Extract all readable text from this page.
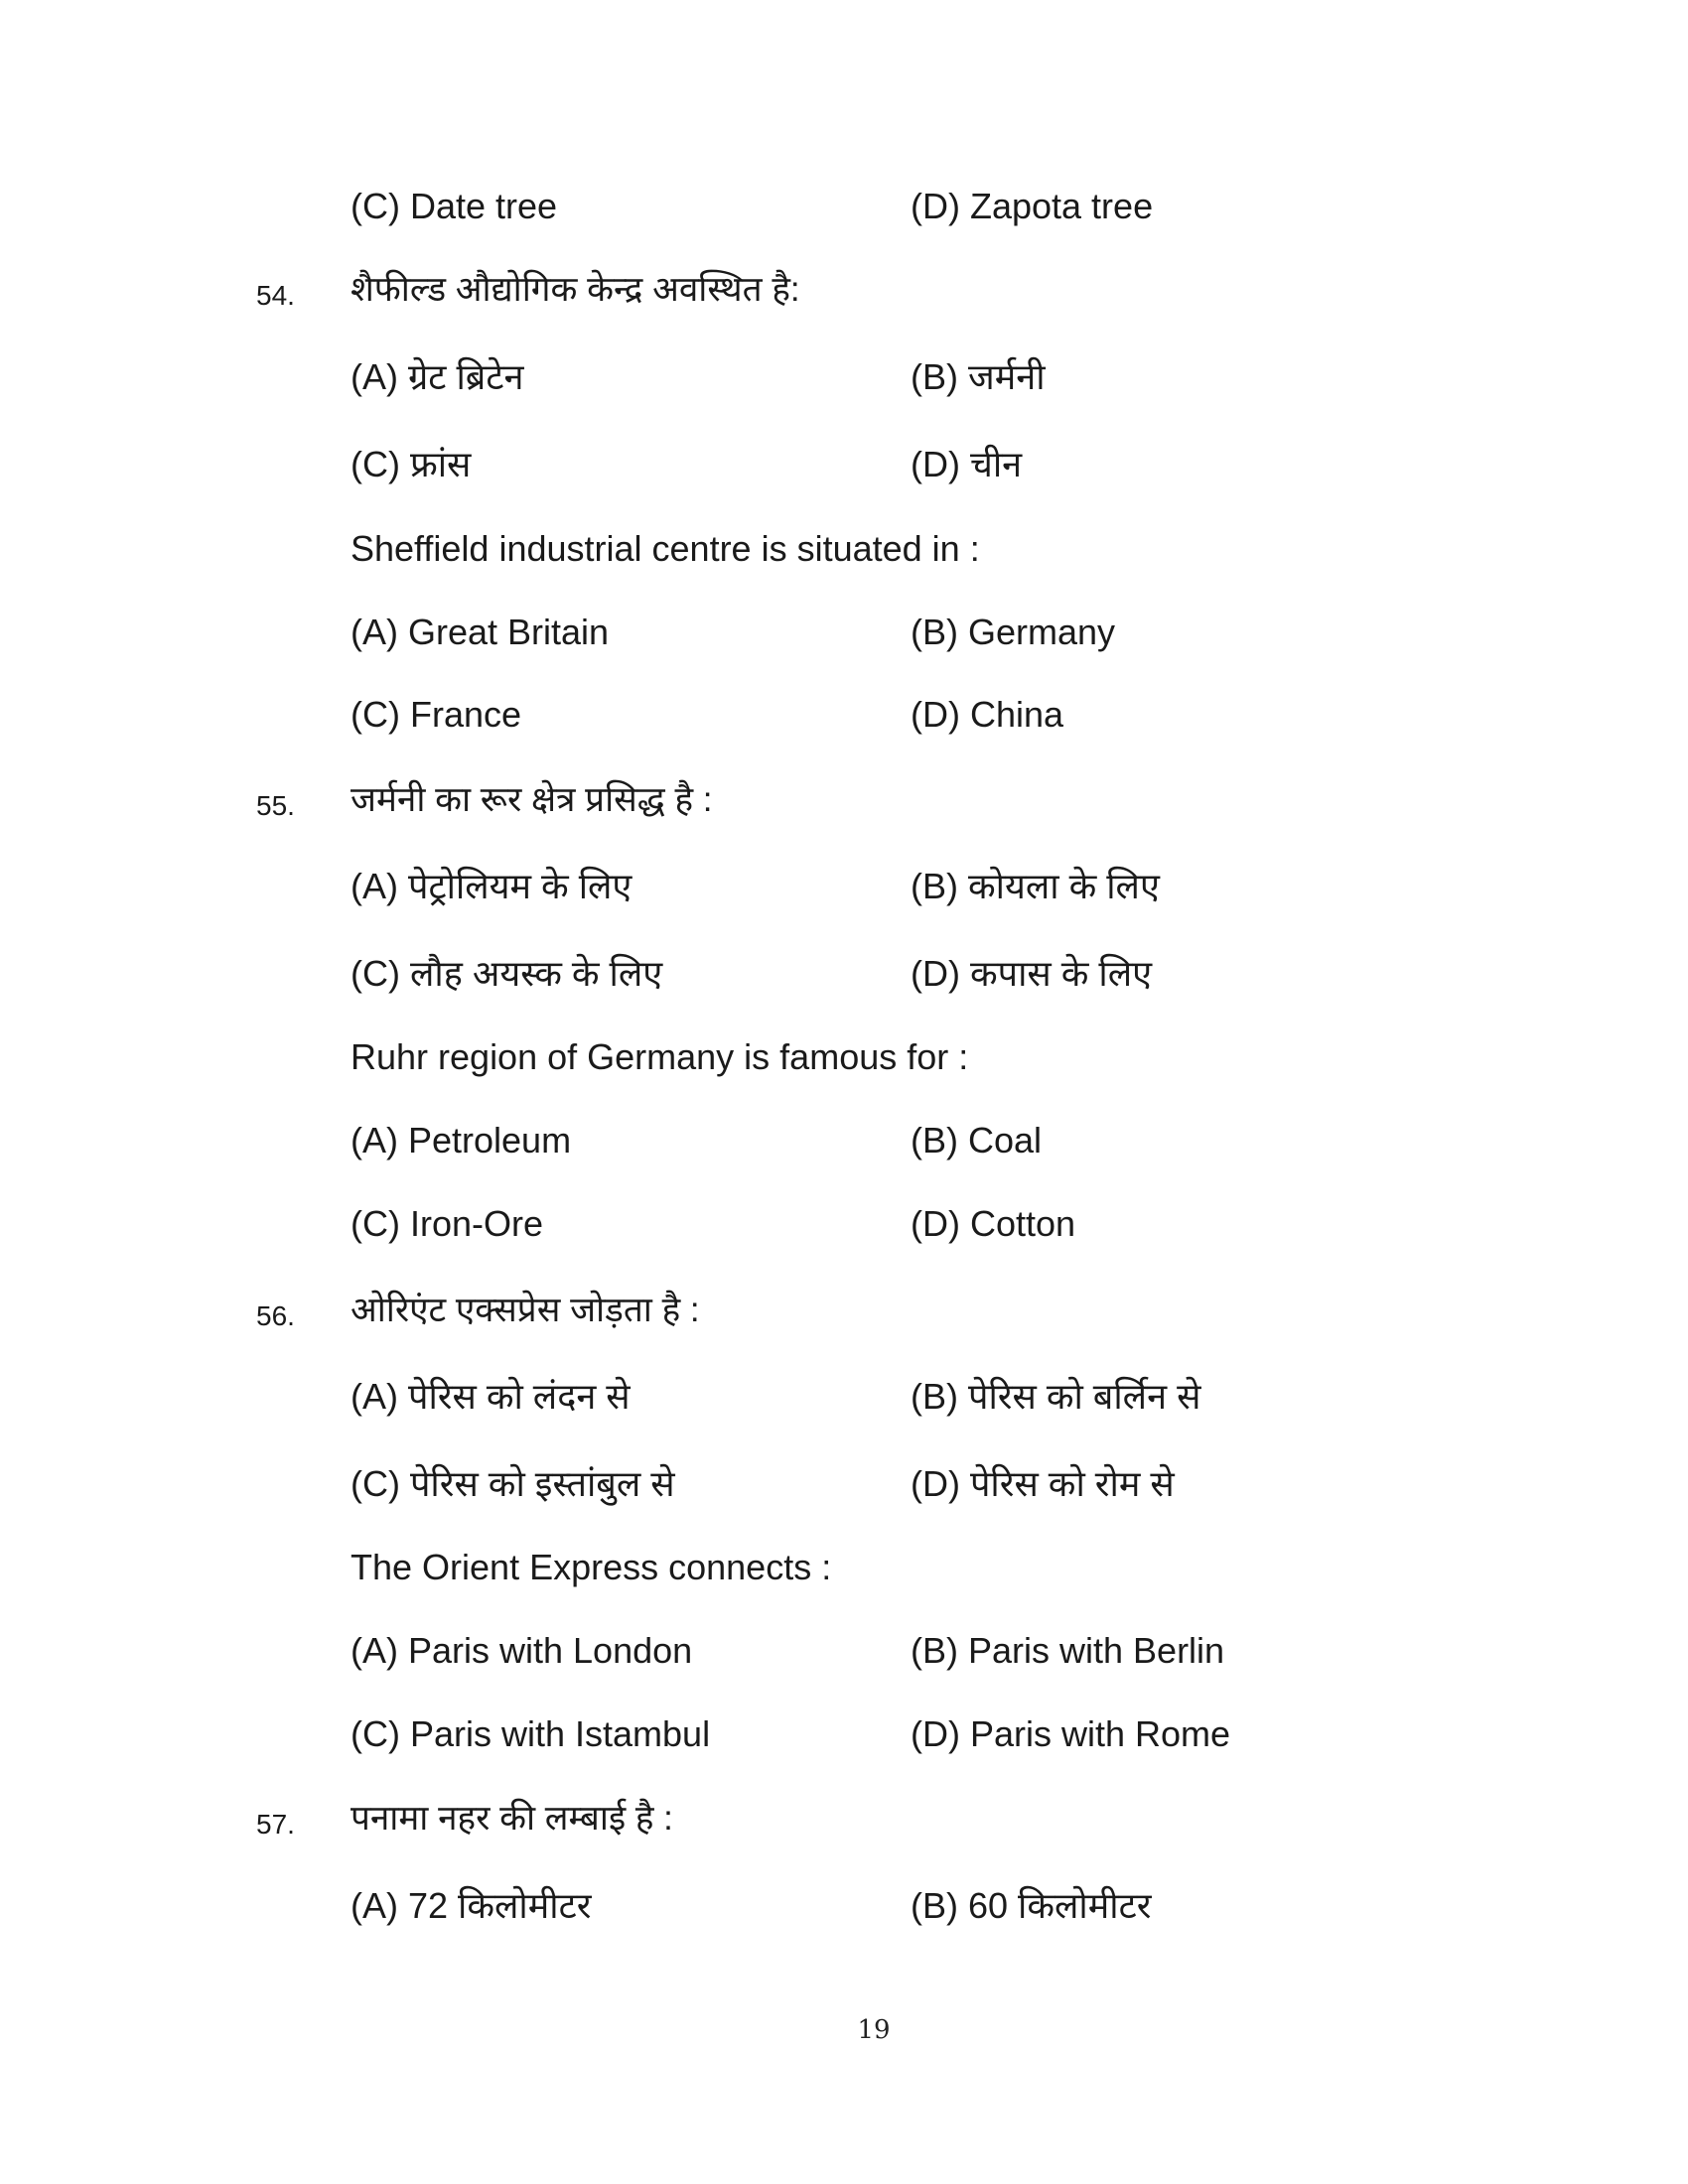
(C) Date tree	(D) Zapota tree
54. शैफील्ड औद्योगिक केन्द्र अवस्थित है:
(A) ग्रेट ब्रिटेन	(B) जर्मनी
(C) फ्रांस	(D) चीन
Sheffield industrial centre is situated in :
(A) Great Britain	(B) Germany
(C) France	(D) China
55. जर्मनी का रूर क्षेत्र प्रसिद्ध है :
(A) पेट्रोलियम के लिए	(B) कोयला के लिए
(C) लौह अयस्क के लिए	(D) कपास के लिए
Ruhr region of Germany is famous for :
(A) Petroleum	(B) Coal
(C) Iron-Ore	(D) Cotton
56. ओरिएंट एक्सप्रेस जोड़ता है :
(A) पेरिस को लंदन से	(B) पेरिस को बर्लिन से
(C) पेरिस को इस्तांबुल से	(D) पेरिस को रोम से
The Orient Express connects :
(A) Paris with London	(B) Paris with Berlin
(C) Paris with Istambul	(D) Paris with Rome
57. पनामा नहर की लम्बाई है :
(A) 72 किलोमीटर	(B) 60 किलोमीटर
19
